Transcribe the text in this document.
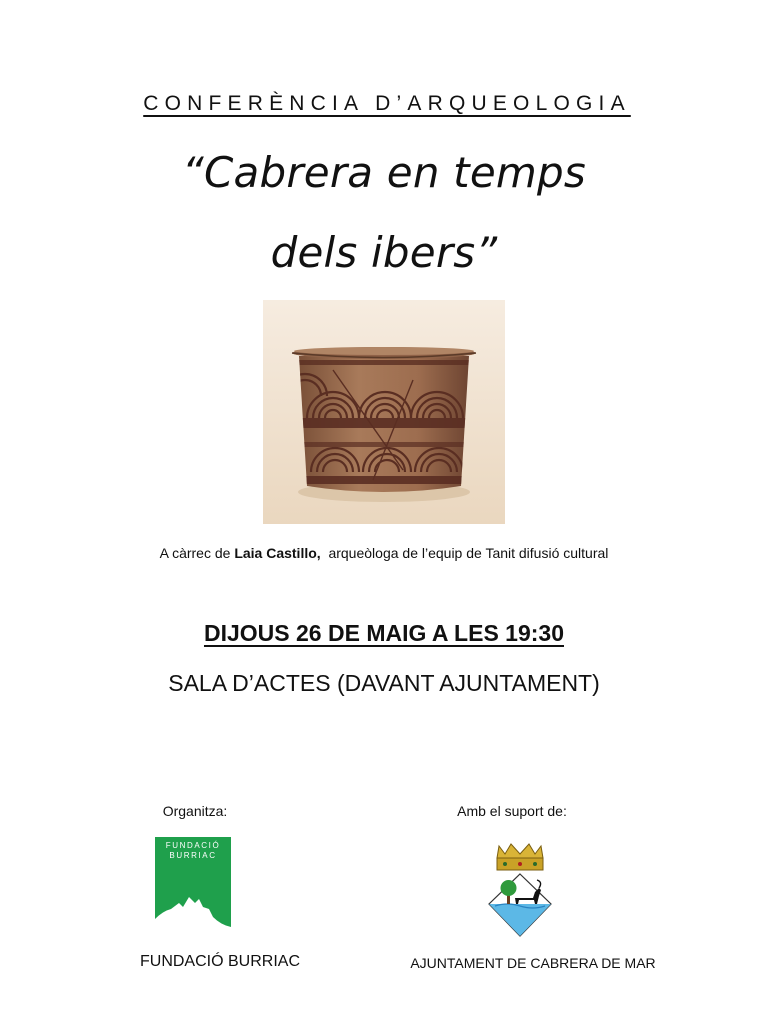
CONFERÈNCIA D’ARQUEOLOGIA
“Cabrera en temps
dels ibers”
A càrrec de Laia Castillo,  arqueòloga de l’equip de Tanit difusió cultural
DIJOUS 26 DE MAIG A LES 19:30
SALA D’ACTES (DAVANT AJUNTAMENT)
Organitza:
FUNDACIÓ
BURRIAC
FUNDACIÓ BURRIAC
Amb el suport de:
AJUNTAMENT DE CABRERA DE MAR
